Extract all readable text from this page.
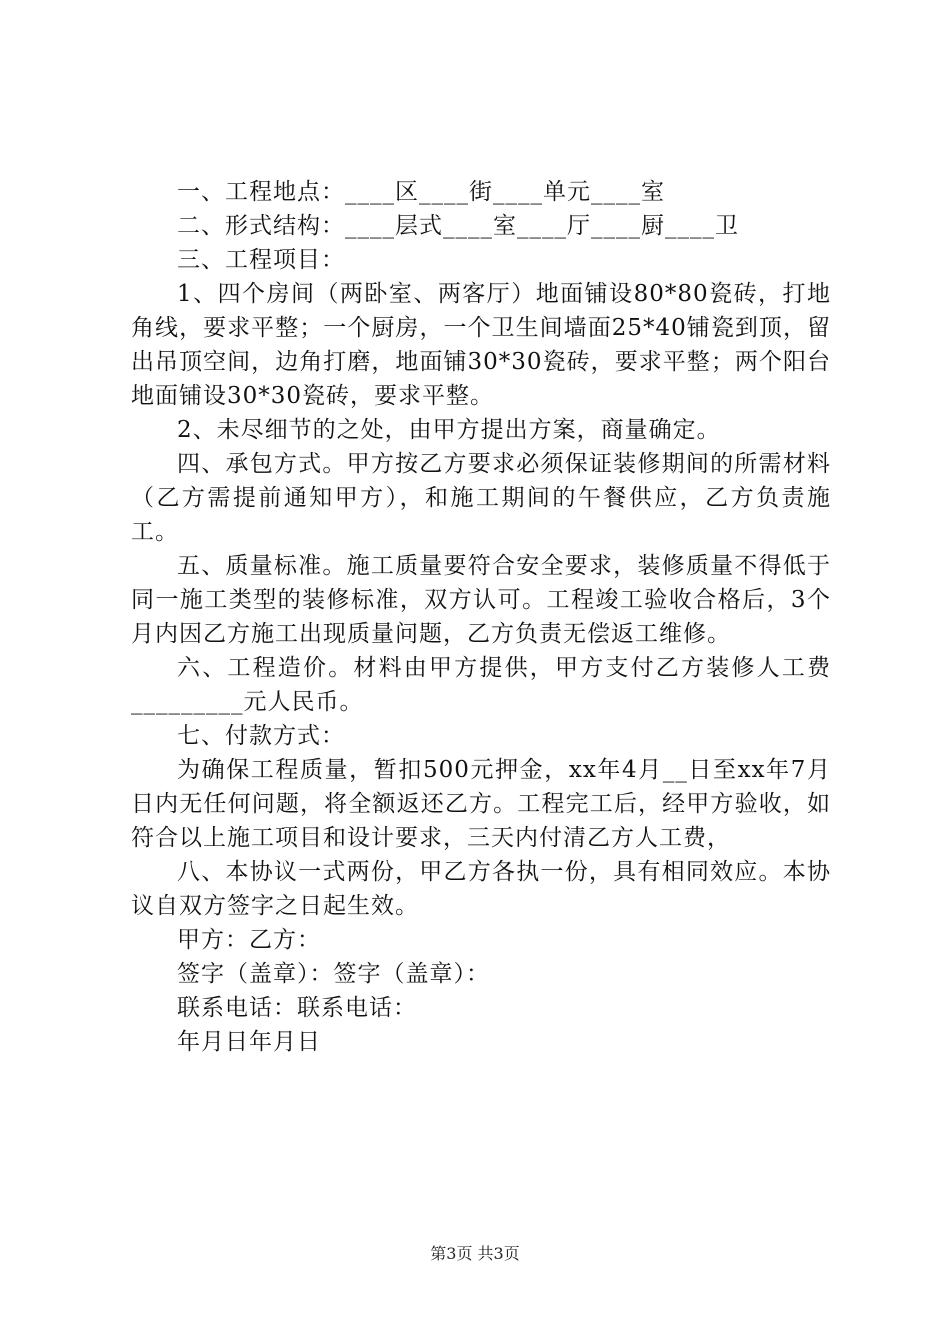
一、工程地点：____区____街____单元____室

二、形式结构：____层式____室____厅____厨____卫

三、工程项目：

1、四个房间（两卧室、两客厅）地面铺设80*80瓷砖，打地角线，要求平整；一个厨房，一个卫生间墙面25*40铺瓷到顶，留出吊顶空间，边角打磨，地面铺30*30瓷砖，要求平整；两个阳台地面铺设30*30瓷砖，要求平整。

2、未尽细节的之处，由甲方提出方案，商量确定。

四、承包方式。甲方按乙方要求必须保证装修期间的所需材料（乙方需提前通知甲方），和施工期间的午餐供应，乙方负责施工。

五、质量标准。施工质量要符合安全要求，装修质量不得低于同一施工类型的装修标准，双方认可。工程竣工验收合格后，3个月内因乙方施工出现质量问题，乙方负责无偿返工维修。

六、工程造价。材料由甲方提供，甲方支付乙方装修人工费_________元人民币。

七、付款方式：

为确保工程质量，暂扣500元押金，xx年4月__日至xx年7月日内无任何问题，将全额返还乙方。工程完工后，经甲方验收，如符合以上施工项目和设计要求，三天内付清乙方人工费，

八、本协议一式两份，甲乙方各执一份，具有相同效应。本协议自双方签字之日起生效。

甲方：乙方：

签字（盖章）：签字（盖章）：

联系电话：联系电话：

年月日年月日

第3页 共3页
